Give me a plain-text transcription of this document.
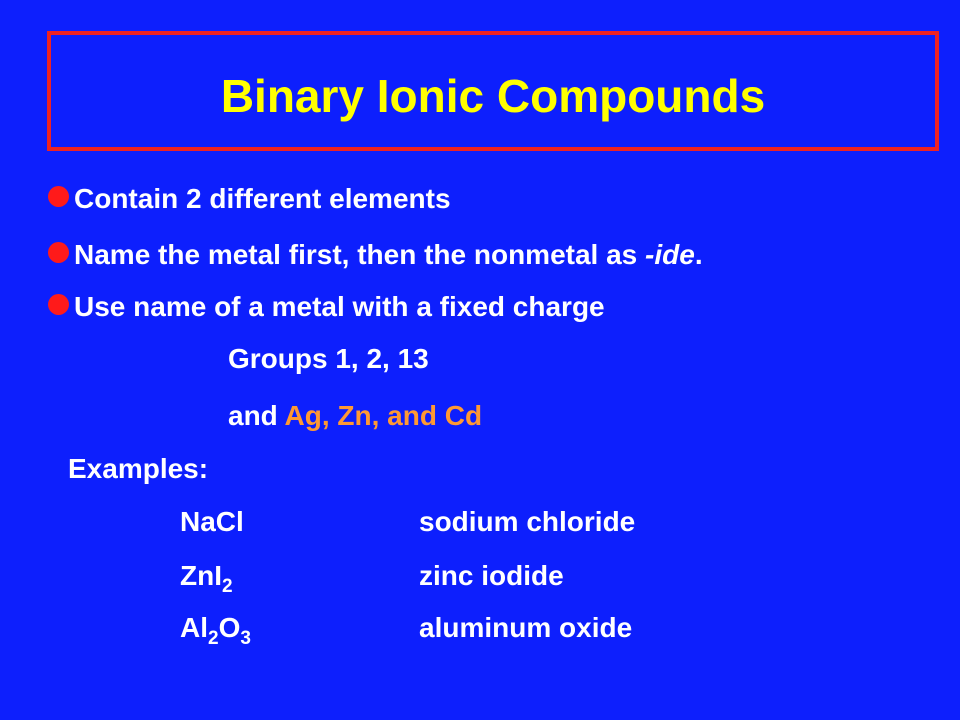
Binary Ionic Compounds
Contain 2 different elements
Name the metal first, then the nonmetal as -ide.
Use name of a metal with a fixed charge
Groups 1, 2, 13
and Ag, Zn, and Cd
Examples:
NaCl	sodium chloride
ZnI$_2$	zinc iodide
$Al_2O_3$	aluminum oxide
